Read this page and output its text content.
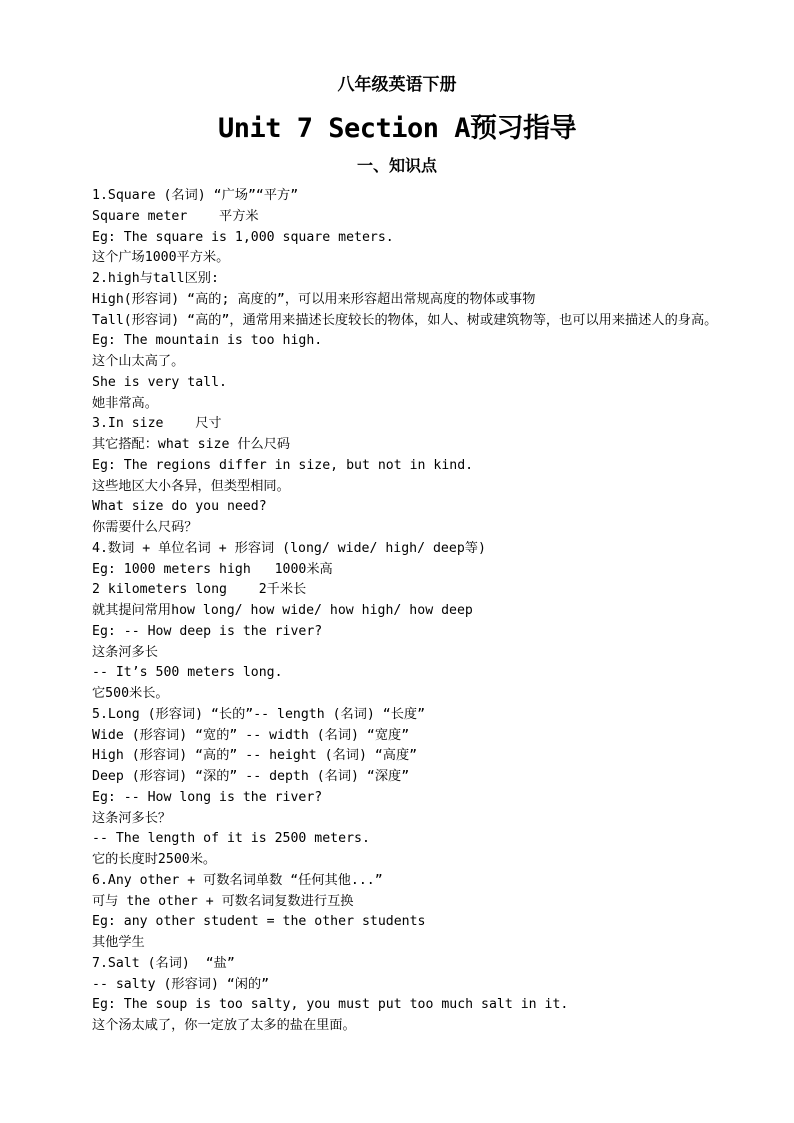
八年级英语下册
Unit 7 Section A预习指导
一、知识点
1.Square (名词) “广场”“平方”
Square meter    平方米
Eg: The square is 1,000 square meters.
这个广场1000平方米。
2.high与tall区别:
High(形容词) “高的; 高度的”，可以用来形容超出常规高度的物体或事物
Tall(形容词) “高的”，通常用来描述长度较长的物体，如人、树或建筑物等，也可以用来描述人的身高。
Eg: The mountain is too high.
这个山太高了。
She is very tall.
她非常高。
3.In size    尺寸
其它搭配：what size 什么尺码
Eg: The regions differ in size, but not in kind.
这些地区大小各异，但类型相同。
What size do you need?
你需要什么尺码？
4.数词 + 单位名词 + 形容词 (long/ wide/ high/ deep等)
Eg: 1000 meters high   1000米高
2 kilometers long    2千米长
就其提问常用how long/ how wide/ how high/ how deep
Eg: -- How deep is the river?
这条河多长
-- It’s 500 meters long.
它500米长。
5.Long (形容词) “长的”-- length (名词) “长度”
Wide (形容词) “宽的” -- width (名词) “宽度”
High (形容词) “高的” -- height (名词) “高度”
Deep (形容词) “深的” -- depth (名词) “深度”
Eg: -- How long is the river?
这条河多长？
-- The length of it is 2500 meters.
它的长度时2500米。
6.Any other + 可数名词单数 “任何其他...”
可与 the other + 可数名词复数进行互换
Eg: any other student = the other students
其他学生
7.Salt (名词)  “盐”
-- salty (形容词) “闲的”
Eg: The soup is too salty, you must put too much salt in it.
这个汤太咸了，你一定放了太多的盐在里面。
